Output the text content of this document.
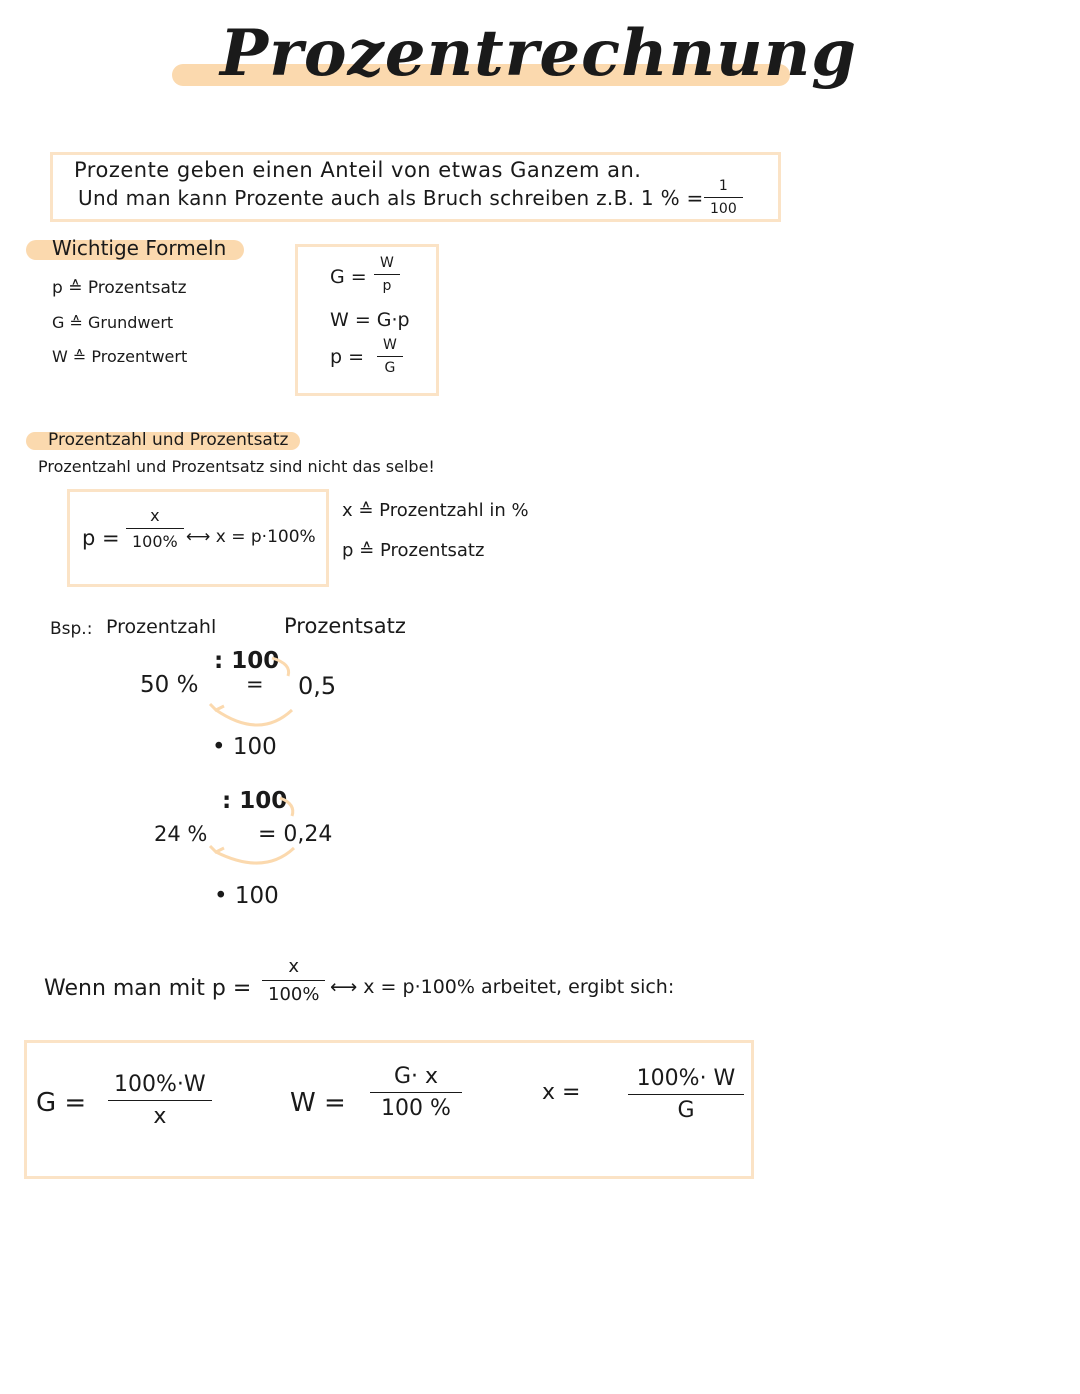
Prozentrechnung
Prozente geben einen Anteil von etwas Ganzem an.
Und man kann Prozente auch als Bruch schreiben z.B. 1 % = $\frac{1}{100}$
Wichtige Formeln
p ≙ Prozentsatz
G ≙ Grundwert
W ≙ Prozentwert
$G = \frac{W}{p}$
W = G·p
$p = \frac{W}{G}$
Prozentzahl und Prozentsatz
Prozentzahl und Prozentsatz sind nicht das selbe!
$p = \frac{x}{100\%}$ ⟷ x = p·100%
x ≙ Prozentzahl in %
p ≙ Prozentsatz
Bsp.: Prozentzahl	Prozentsatz
50 %
: 100
= 0,5
• 100
24 %
: 100
= 0,24
• 100
Wenn man mit $p = \frac{x}{100\%}$ ⟷ x = p·100% arbeitet, ergibt sich:
$G = \frac{100\%\cdot W}{x}$	$W = \frac{G\cdot x}{100 \%}$	$x = \frac{100\%\cdot W}{G}$
